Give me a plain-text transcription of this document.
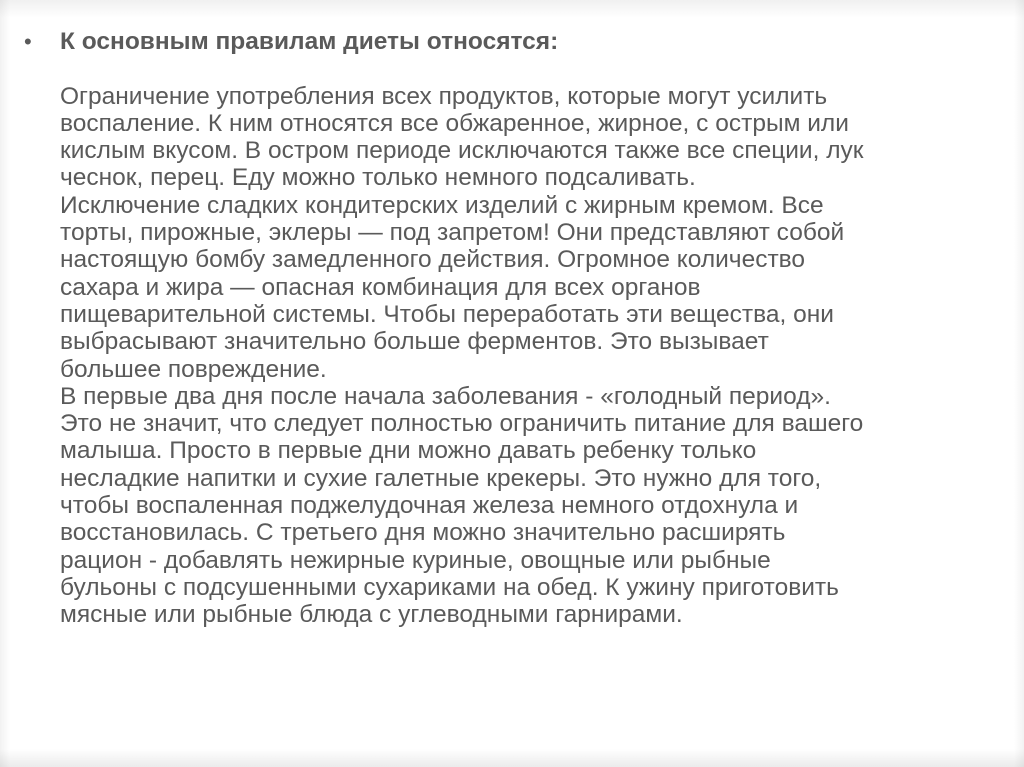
•	К основным правилам диеты относятся:
Ограничение употребления всех продуктов, которые могут усилить
воспаление. К ним относятся все обжаренное, жирное, с острым или
кислым вкусом. В остром периоде исключаются также все специи, лук
чеснок, перец. Еду можно только немного подсаливать.
Исключение сладких кондитерских изделий с жирным кремом. Все
торты, пирожные, эклеры — под запретом! Они представляют собой
настоящую бомбу замедленного действия. Огромное количество
сахара и жира — опасная комбинация для всех органов
пищеварительной системы. Чтобы переработать эти вещества, они
выбрасывают значительно больше ферментов. Это вызывает
большее повреждение.
В первые два дня после начала заболевания - «голодный период».
Это не значит, что следует полностью ограничить питание для вашего
малыша. Просто в первые дни можно давать ребенку только
несладкие напитки и сухие галетные крекеры. Это нужно для того,
чтобы воспаленная поджелудочная железа немного отдохнула и
восстановилась. С третьего дня можно значительно расширять
рацион - добавлять нежирные куриные, овощные или рыбные
бульоны с подсушенными сухариками на обед. К ужину приготовить
мясные или рыбные блюда с углеводными гарнирами.
